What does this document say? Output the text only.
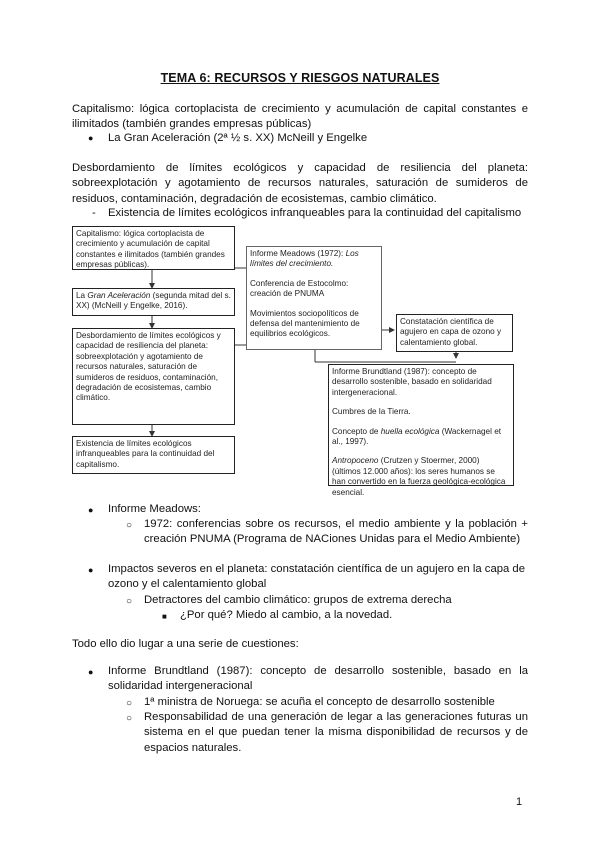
TEMA 6: RECURSOS Y RIESGOS NATURALES
Capitalismo: lógica cortoplacista de crecimiento y acumulación de capital constantes e ilimitados (también grandes empresas públicas)
● La Gran Aceleración (2ª ½ s. XX) McNeill y Engelke
Desbordamiento de límites ecológicos y capacidad de resiliencia del planeta: sobreexplotación y agotamiento de recursos naturales, saturación de sumideros de residuos, contaminación, degradación de ecosistemas, cambio climático.
- Existencia de límites ecológicos infranqueables para la continuidad del capitalismo

Capitalismo: lógica cortoplacista de crecimiento y acumulación de capital constantes e ilimitados (también grandes empresas públicas).

La Gran Aceleración (segunda mitad del s. XX) (McNeill y Engelke, 2016).

Desbordamiento de límites ecológicos y capacidad de resiliencia del planeta: sobreexplotación y agotamiento de recursos naturales, saturación de sumideros de residuos, contaminación, degradación de ecosistemas, cambio climático.

Existencia de límites ecológicos infranqueables para la continuidad del capitalismo.

Informe Meadows (1972): Los límites del crecimiento.

Conferencia de Estocolmo: creación de PNUMA

Movimientos sociopolíticos de defensa del mantenimiento de equilibrios ecológicos.

Constatación científica de agujero en capa de ozono y calentamiento global.

Informe Brundtland (1987): concepto de desarrollo sostenible, basado en solidaridad intergeneracional.

Cumbres de la Tierra.

Concepto de huella ecológica (Wackernagel et al., 1997).

Antropoceno (Crutzen y Stoermer, 2000) (últimos 12.000 años): los seres humanos se han convertido en la fuerza geológica-ecológica esencial.

● Informe Meadows:
○ 1972: conferencias sobre os recursos, el medio ambiente y la población + creación PNUMA (Programa de NACiones Unidas para el Medio Ambiente)
● Impactos severos en el planeta: constatación científica de un agujero en la capa de ozono y el calentamiento global
○ Detractores del cambio climático: grupos de extrema derecha
■ ¿Por qué? Miedo al cambio, a la novedad.
Todo ello dio lugar a una serie de cuestiones:
● Informe Brundtland (1987): concepto de desarrollo sostenible, basado en la solidaridad intergeneracional
○ 1ª ministra de Noruega: se acuña el concepto de desarrollo sostenible
○ Responsabilidad de una generación de legar a las generaciones futuras un sistema en el que puedan tener la misma disponibilidad de recursos y de espacios naturales.
1
